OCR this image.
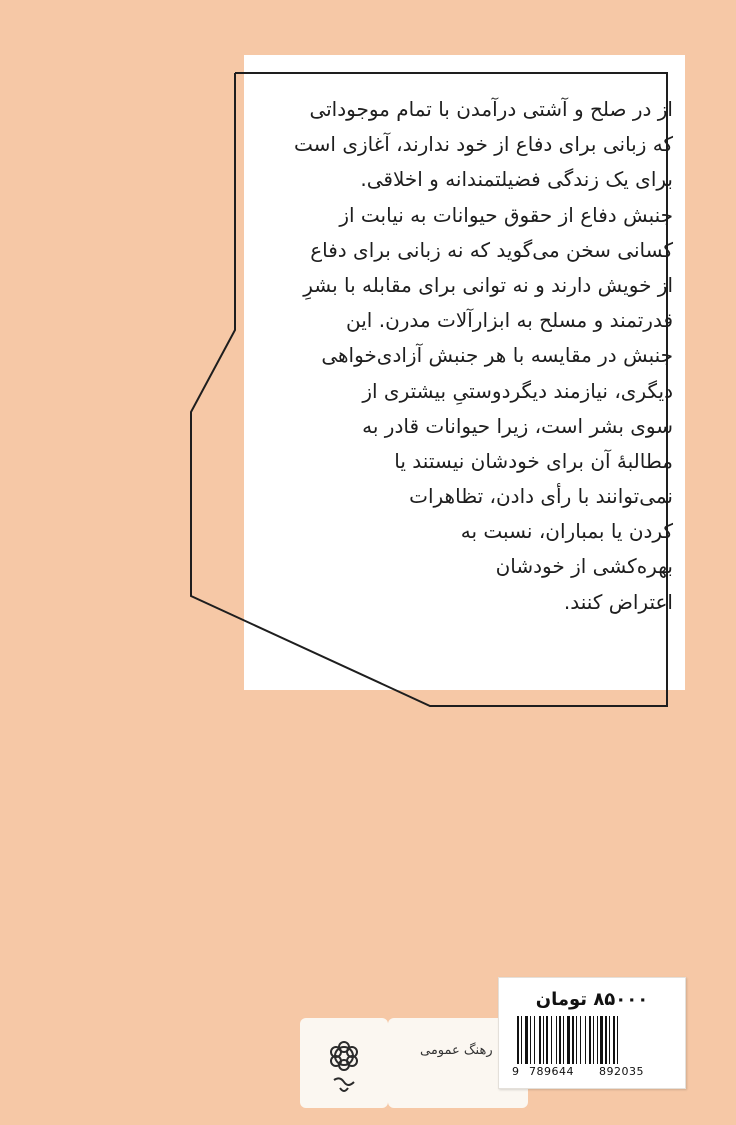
از در صلح و آشتی درآمدن با تمام موجوداتی
که زبانی برای دفاع از خود ندارند، آغازی است
برای یک زندگی فضیلتمندانه و اخلاقی.
جنبش دفاع از حقوق حیوانات به نیابت از
کسانی سخن می‌گوید که نه زبانی برای دفاع
از خویش دارند و نه توانی برای مقابله با بشرِ
قدرتمند و مسلح به ابزارآلات مدرن. این
جنبش در مقایسه با هر جنبش آزادی‌خواهی
دیگری، نیازمند دیگردوستیِ بیشتری از
سوی بشر است، زیرا حیوانات قادر به
مطالبهٔ آن برای خودشان نیستند یا
نمی‌توانند با رأی دادن، تظاهرات
کردن یا بمباران، نسبت به
بهره‌کشی از خودشان
اعتراض کنند.
رهنگ عمومی
۸۵۰۰۰ تومان
9 789644 892035
